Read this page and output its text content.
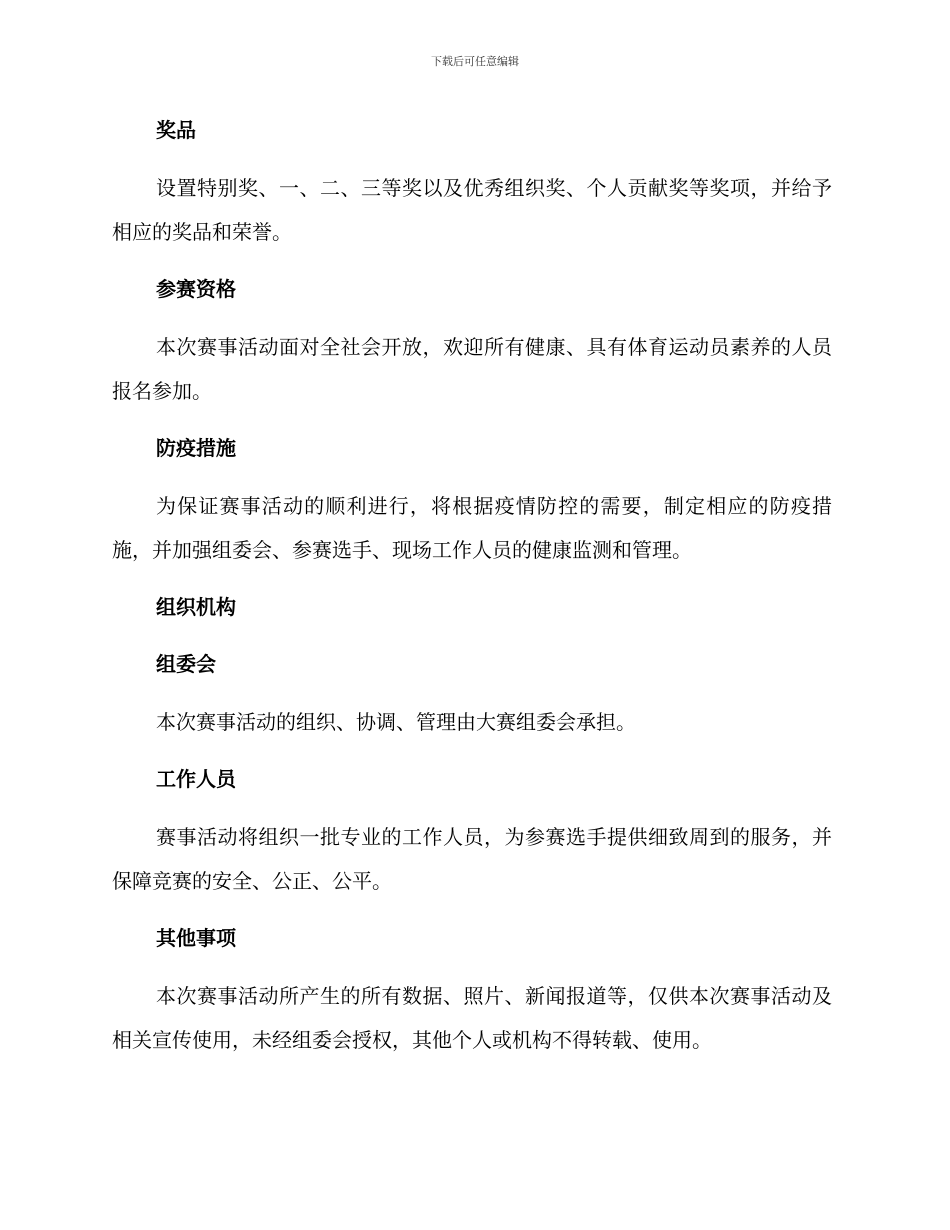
下载后可任意编辑
奖品

设置特别奖、一、二、三等奖以及优秀组织奖、个人贡献奖等奖项，并给予相应的奖品和荣誉。

参赛资格

本次赛事活动面对全社会开放，欢迎所有健康、具有体育运动员素养的人员报名参加。

防疫措施

为保证赛事活动的顺利进行，将根据疫情防控的需要，制定相应的防疫措施，并加强组委会、参赛选手、现场工作人员的健康监测和管理。

组织机构
组委会

本次赛事活动的组织、协调、管理由大赛组委会承担。

工作人员

赛事活动将组织一批专业的工作人员，为参赛选手提供细致周到的服务，并保障竞赛的安全、公正、公平。

其他事项

本次赛事活动所产生的所有数据、照片、新闻报道等，仅供本次赛事活动及相关宣传使用，未经组委会授权，其他个人或机构不得转载、使用。
